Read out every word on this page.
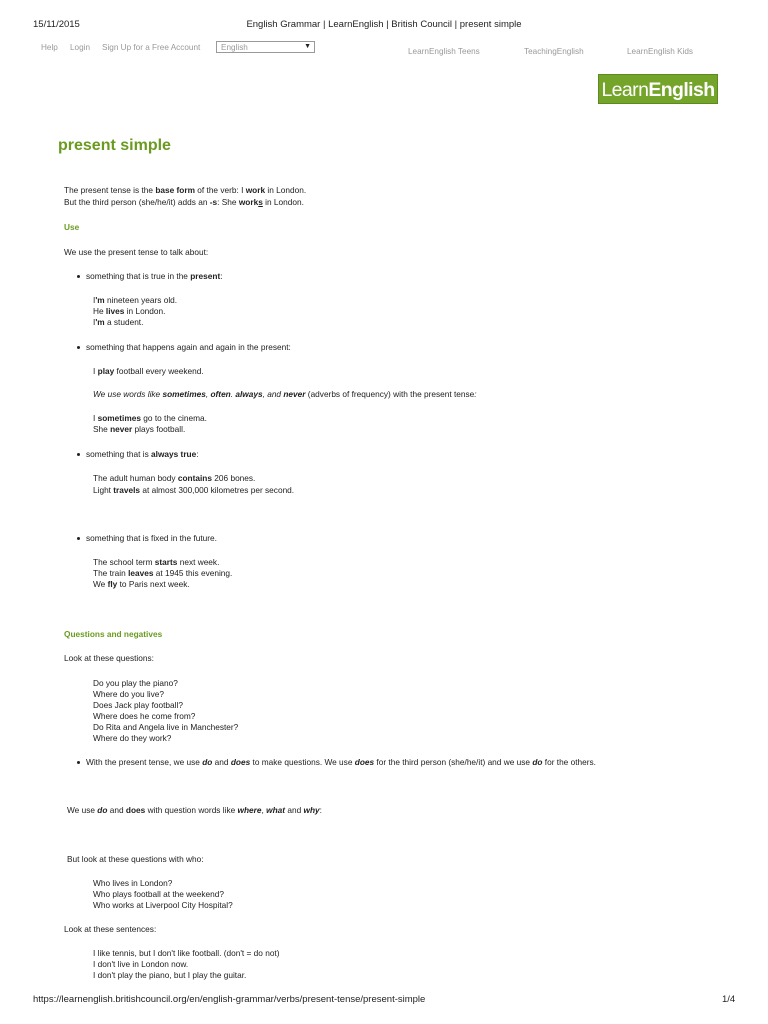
15/11/2015	English Grammar | LearnEnglish | British Council | present simple
Help Login Sign Up for a Free Account	English	▼
LearnEnglish Teens	TeachingEnglish	LearnEnglish Kids
LearnEnglish
present simple
The present tense is the base form of the verb: I work in London.
But the third person (she/he/it) adds an -s: She works in London.
Use
We use the present tense to talk about:
something that is true in the present:
I'm nineteen years old.
He lives in London.
I'm a student.
something that happens again and again in the present:
I play football every weekend.
We use words like sometimes, often. always, and never (adverbs of frequency) with the present tense:
I sometimes go to the cinema.
She never plays football.
something that is always true:
The adult human body contains 206 bones.
Light travels at almost 300,000 kilometres per second.
something that is fixed in the future.
The school term starts next week.
The train leaves at 1945 this evening.
We fly to Paris next week.
Questions and negatives
Look at these questions:
Do you play the piano?
Where do you live?
Does Jack play football?
Where does he come from?
Do Rita and Angela live in Manchester?
Where do they work?
With the present tense, we use do and does to make questions. We use does for the third person (she/he/it) and we use do for the others.
We use do and does with question words like where, what and why:
But look at these questions with who:
Who lives in London?
Who plays football at the weekend?
Who works at Liverpool City Hospital?
Look at these sentences:
I like tennis, but I don't like football. (don't = do not)
I don't live in London now.
I don't play the piano, but I play the guitar.
https://learnenglish.britishcouncil.org/en/english-grammar/verbs/present-tense/present-simple	1/4
